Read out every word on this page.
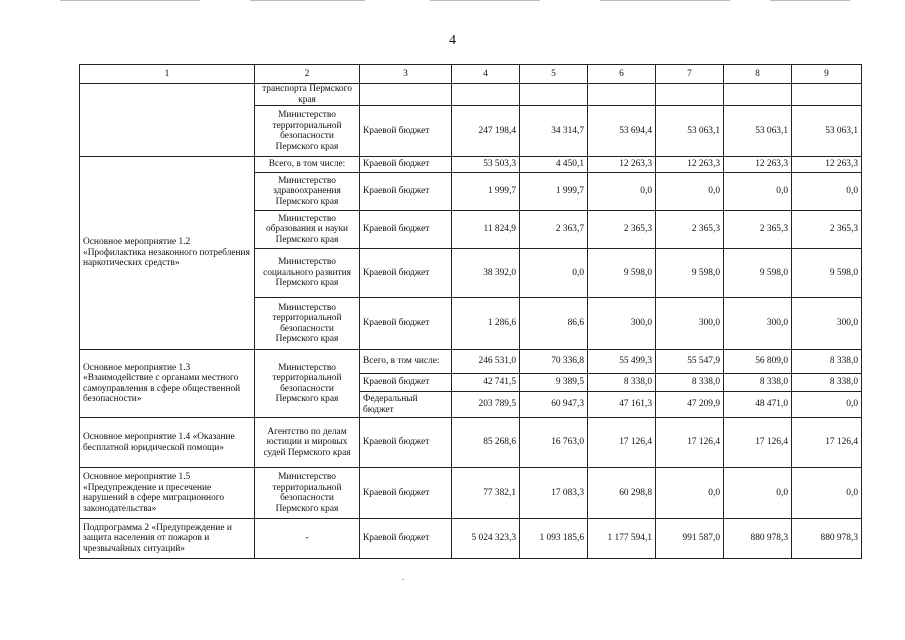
4
1	2	3	4	5	6	7	8	9
	транспорта Пермского края							
	Министерство территориальной безопасности Пермского края	Краевой бюджет	247 198,4	34 314,7	53 694,4	53 063,1	53 063,1	53 063,1
Основное мероприятие 1.2 «Профилактика незаконного потребления наркотических средств»	Всего, в том числе:	Краевой бюджет	53 503,3	4 450,1	12 263,3	12 263,3	12 263,3	12 263,3
	Министерство здравоохранения Пермского края	Краевой бюджет	1 999,7	1 999,7	0,0	0,0	0,0	0,0
	Министерство образования и науки Пермского края	Краевой бюджет	11 824,9	2 363,7	2 365,3	2 365,3	2 365,3	2 365,3
	Министерство социального развития Пермского края	Краевой бюджет	38 392,0	0,0	9 598,0	9 598,0	9 598,0	9 598,0
	Министерство территориальной безопасности Пермского края	Краевой бюджет	1 286,6	86,6	300,0	300,0	300,0	300,0
Основное мероприятие 1.3 «Взаимодействие с органами местного самоуправления в сфере общественной безопасности»	Министерство территориальной безопасности Пермского края	Всего, в том числе:	246 531,0	70 336,8	55 499,3	55 547,9	56 809,0	8 338,0
		Краевой бюджет	42 741,5	9 389,5	8 338,0	8 338,0	8 338,0	8 338,0
		Федеральный бюджет	203 789,5	60 947,3	47 161,3	47 209,9	48 471,0	0,0
Основное мероприятие 1.4 «Оказание бесплатной юридической помощи»	Агентство по делам юстиции и мировых судей Пермского края	Краевой бюджет	85 268,6	16 763,0	17 126,4	17 126,4	17 126,4	17 126,4
Основное мероприятие 1.5 «Предупреждение и пресечение нарушений в сфере миграционного законодательства»	Министерство территориальной безопасности Пермского края	Краевой бюджет	77 382,1	17 083,3	60 298,8	0,0	0,0	0,0
Подпрограмма 2 «Предупреждение и защита населения от пожаров и чрезвычайных ситуаций»	-	Краевой бюджет	5 024 323,3	1 093 185,6	1 177 594,1	991 587,0	880 978,3	880 978,3
